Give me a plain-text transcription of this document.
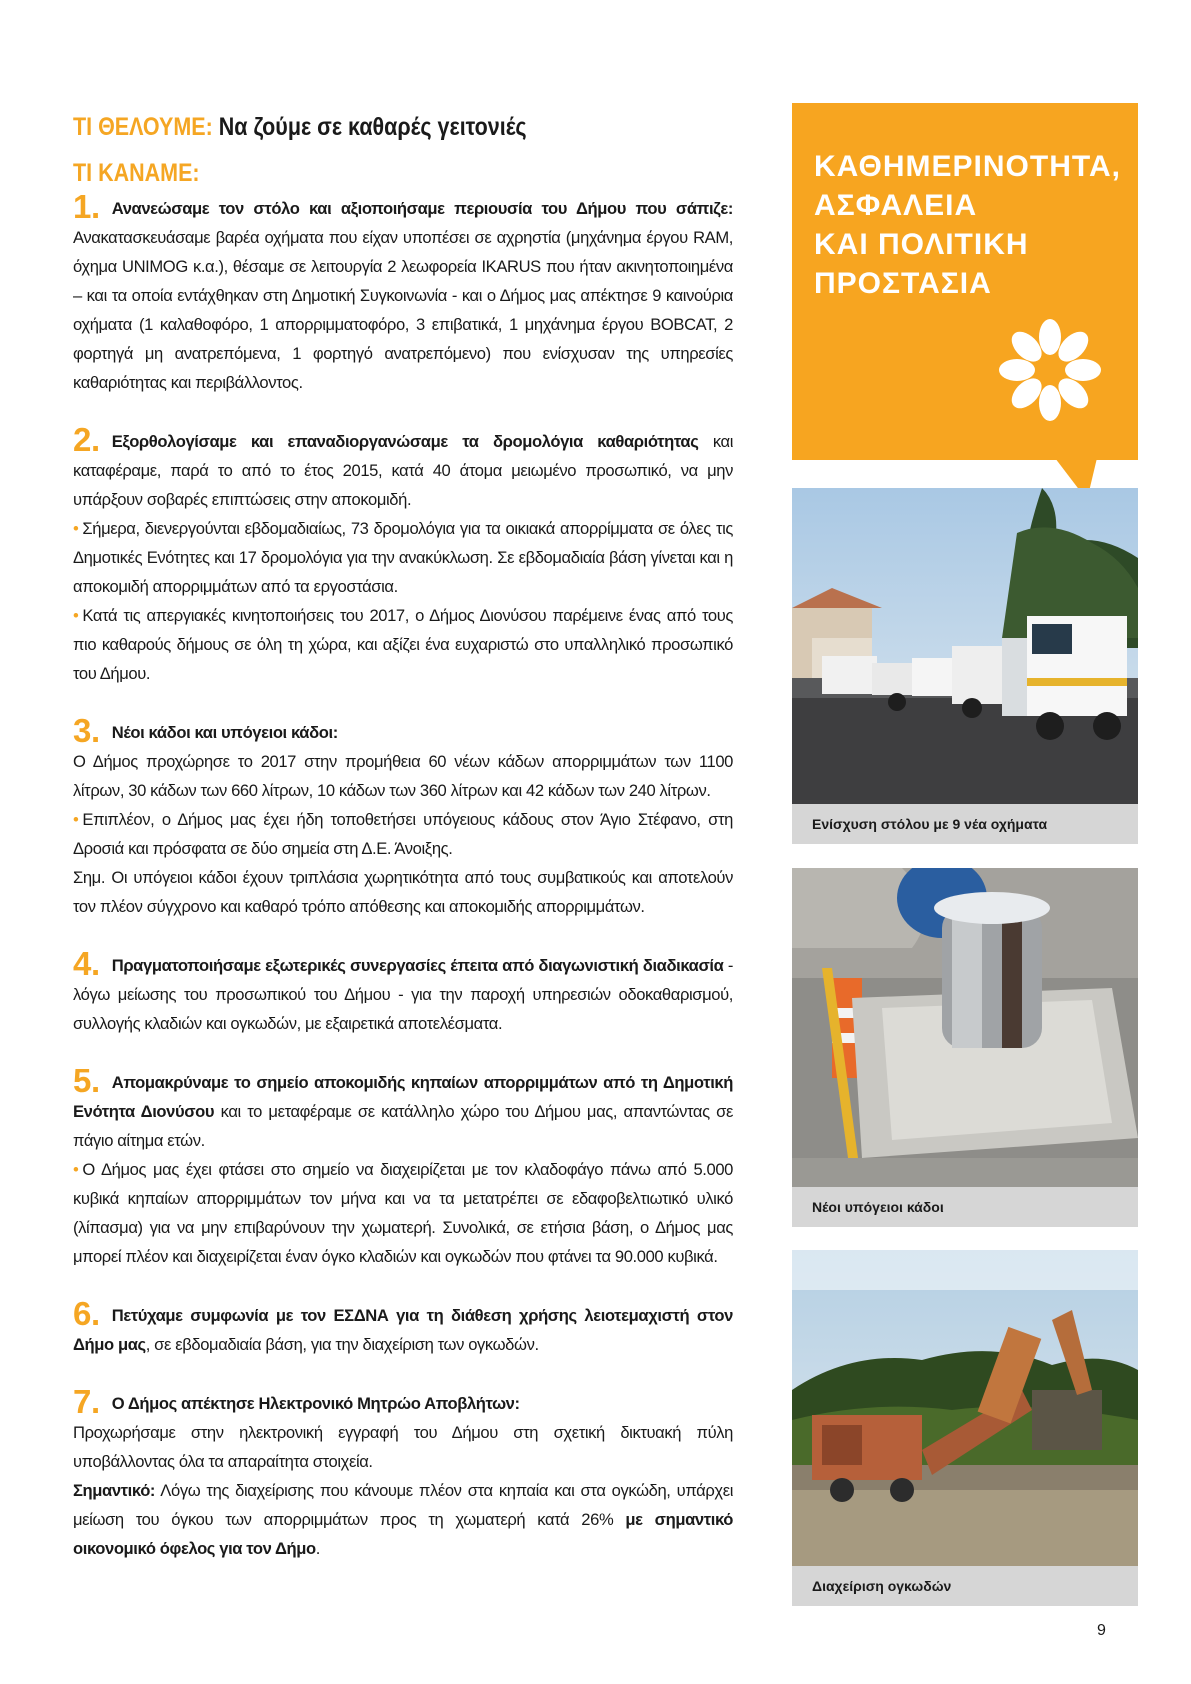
ΤΙ ΘΕΛΟΥΜΕ: Να ζούμε σε καθαρές γειτονιές
ΤΙ ΚΑΝΑΜΕ:

1. Ανανεώσαμε τον στόλο και αξιοποιήσαμε περιουσία του Δήμου που σάπιζε: Ανακατασκευάσαμε βαρέα οχήματα που είχαν υποπέσει σε αχρηστία (μηχάνημα έργου RAM, όχημα UNIMOG κ.α.), θέσαμε σε λειτουργία 2 λεωφορεία IKARUS που ήταν ακινητοποιημένα – και τα οποία εντάχθηκαν στη Δημοτική Συγκοινωνία - και ο Δήμος μας απέκτησε 9 καινούρια οχήματα (1 καλαθοφόρο, 1 απορριμματοφόρο, 3 επιβατικά, 1 μηχάνημα έργου BOBCAT, 2 φορτηγά μη ανατρεπόμενα, 1 φορτηγό ανατρεπόμενο) που ενίσχυσαν της υπηρεσίες καθαριότητας και περιβάλλοντος.

2. Εξορθολογίσαμε και επαναδιοργανώσαμε τα δρομολόγια καθαριότητας και καταφέραμε, παρά το από το έτος 2015, κατά 40 άτομα μειωμένο προσωπικό, να μην υπάρξουν σοβαρές επιπτώσεις στην αποκομιδή.

• Σήμερα, διενεργούνται εβδομαδιαίως, 73 δρομολόγια για τα οικιακά απορρίμματα σε όλες τις Δημοτικές Ενότητες και 17 δρομολόγια για την ανακύκλωση. Σε εβδομαδιαία βάση γίνεται και η αποκομιδή απορριμμάτων από τα εργοστάσια.

• Κατά τις απεργιακές κινητοποιήσεις του 2017, ο Δήμος Διονύσου παρέμεινε ένας από τους πιο καθαρούς δήμους σε όλη τη χώρα, και αξίζει ένα ευχαριστώ στο υπαλληλικό προσωπικό του Δήμου.

3. Νέοι κάδοι και υπόγειοι κάδοι:

Ο Δήμος προχώρησε το 2017 στην προμήθεια 60 νέων κάδων απορριμμάτων των 1100 λίτρων, 30 κάδων των 660 λίτρων, 10 κάδων των 360 λίτρων και 42 κάδων των 240 λίτρων.

• Επιπλέον, ο Δήμος μας έχει ήδη τοποθετήσει υπόγειους κάδους στον Άγιο Στέφανο, στη Δροσιά και πρόσφατα σε δύο σημεία στη Δ.Ε. Άνοιξης.

Σημ. Οι υπόγειοι κάδοι έχουν τριπλάσια χωρητικότητα από τους συμβατικούς και αποτελούν τον πλέον σύγχρονο και καθαρό τρόπο απόθεσης και αποκομιδής απορριμμάτων.

4. Πραγματοποιήσαμε εξωτερικές συνεργασίες έπειτα από διαγωνιστική διαδικασία - λόγω μείωσης του προσωπικού του Δήμου - για την παροχή υπηρεσιών οδοκαθαρισμού, συλλογής κλαδιών και ογκωδών, με εξαιρετικά αποτελέσματα.

5. Απομακρύναμε το σημείο αποκομιδής κηπαίων απορριμμάτων από τη Δημοτική Ενότητα Διονύσου και το μεταφέραμε σε κατάλληλο χώρο του Δήμου μας, απαντώντας σε πάγιο αίτημα ετών.

• Ο Δήμος μας έχει φτάσει στο σημείο να διαχειρίζεται με τον κλαδοφάγο πάνω από 5.000 κυβικά κηπαίων απορριμμάτων τον μήνα και να τα μετατρέπει σε εδαφοβελτιωτικό υλικό (λίπασμα) για να μην επιβαρύνουν την χωματερή. Συνολικά, σε ετήσια βάση, ο Δήμος μας μπορεί πλέον και διαχειρίζεται έναν όγκο κλαδιών και ογκωδών που φτάνει τα 90.000 κυβικά.

6. Πετύχαμε συμφωνία με τον ΕΣΔΝΑ για τη διάθεση χρήσης λειοτεμαχιστή στον Δήμο μας, σε εβδομαδιαία βάση, για την διαχείριση των ογκωδών.

7. Ο Δήμος απέκτησε Ηλεκτρονικό Μητρώο Αποβλήτων:

Προχωρήσαμε στην ηλεκτρονική εγγραφή του Δήμου στη σχετική δικτυακή πύλη υποβάλλοντας όλα τα απαραίτητα στοιχεία.

Σημαντικό: Λόγω της διαχείρισης που κάνουμε πλέον στα κηπαία και στα ογκώδη, υπάρχει μείωση του όγκου των απορριμμάτων προς τη χωματερή κατά 26% με σημαντικό οικονομικό όφελος για τον Δήμο.

ΚΑΘΗΜΕΡΙΝΟΤΗΤΑ,
ΑΣΦΑΛΕΙΑ
ΚΑΙ ΠΟΛΙΤΙΚΗ
ΠΡΟΣΤΑΣΙΑ
Ενίσχυση στόλου με 9 νέα οχήματα
Νέοι υπόγειοι κάδοι
Διαχείριση ογκωδών
9
